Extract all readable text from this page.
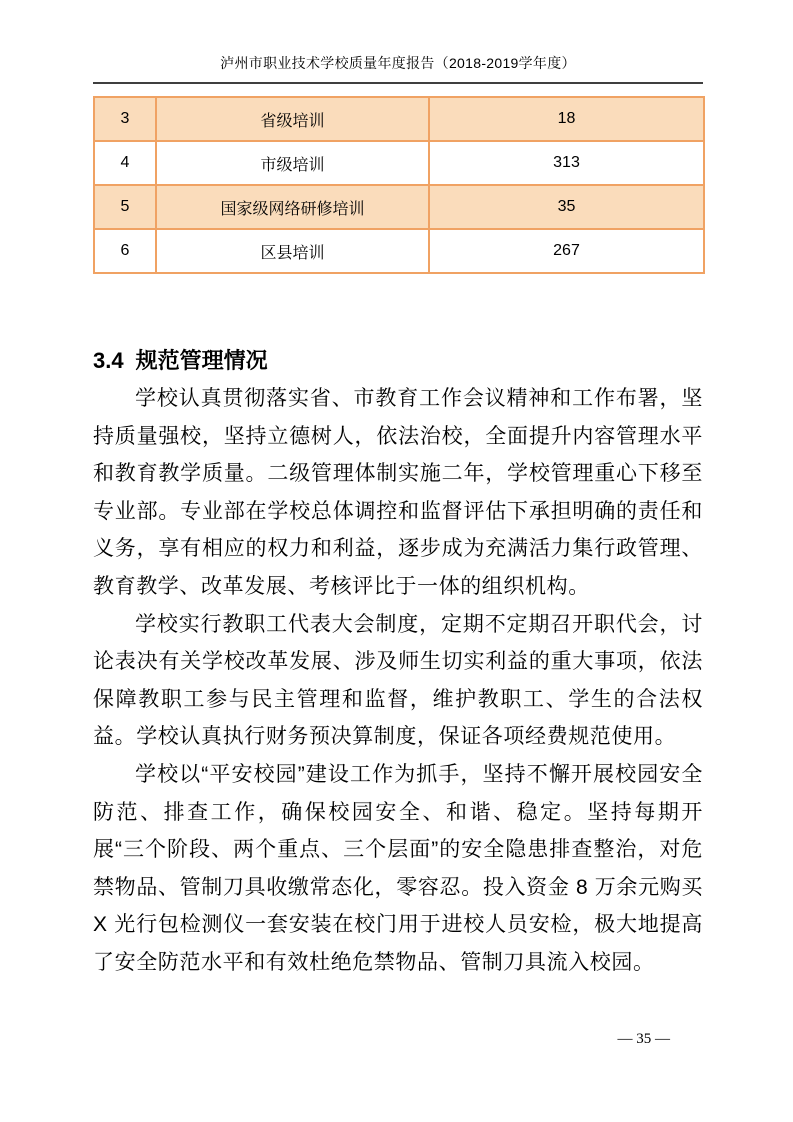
泸州市职业技术学校质量年度报告（2018-2019学年度）
3	省级培训	18
4	市级培训	313
5	国家级网络研修培训	35
6	区县培训	267
3.4 规范管理情况

学校认真贯彻落实省、市教育工作会议精神和工作布署，坚持质量强校，坚持立德树人，依法治校，全面提升内容管理水平和教育教学质量。二级管理体制实施二年，学校管理重心下移至专业部。专业部在学校总体调控和监督评估下承担明确的责任和义务，享有相应的权力和利益，逐步成为充满活力集行政管理、教育教学、改革发展、考核评比于一体的组织机构。

学校实行教职工代表大会制度，定期不定期召开职代会，讨论表决有关学校改革发展、涉及师生切实利益的重大事项，依法保障教职工参与民主管理和监督，维护教职工、学生的合法权益。学校认真执行财务预决算制度，保证各项经费规范使用。

学校以“平安校园”建设工作为抓手，坚持不懈开展校园安全防范、排查工作，确保校园安全、和谐、稳定。坚持每期开展“三个阶段、两个重点、三个层面”的安全隐患排查整治，对危禁物品、管制刀具收缴常态化，零容忍。投入资金 8 万余元购买 X 光行包检测仪一套安装在校门用于进校人员安检，极大地提高了安全防范水平和有效杜绝危禁物品、管制刀具流入校园。

— 35 —
